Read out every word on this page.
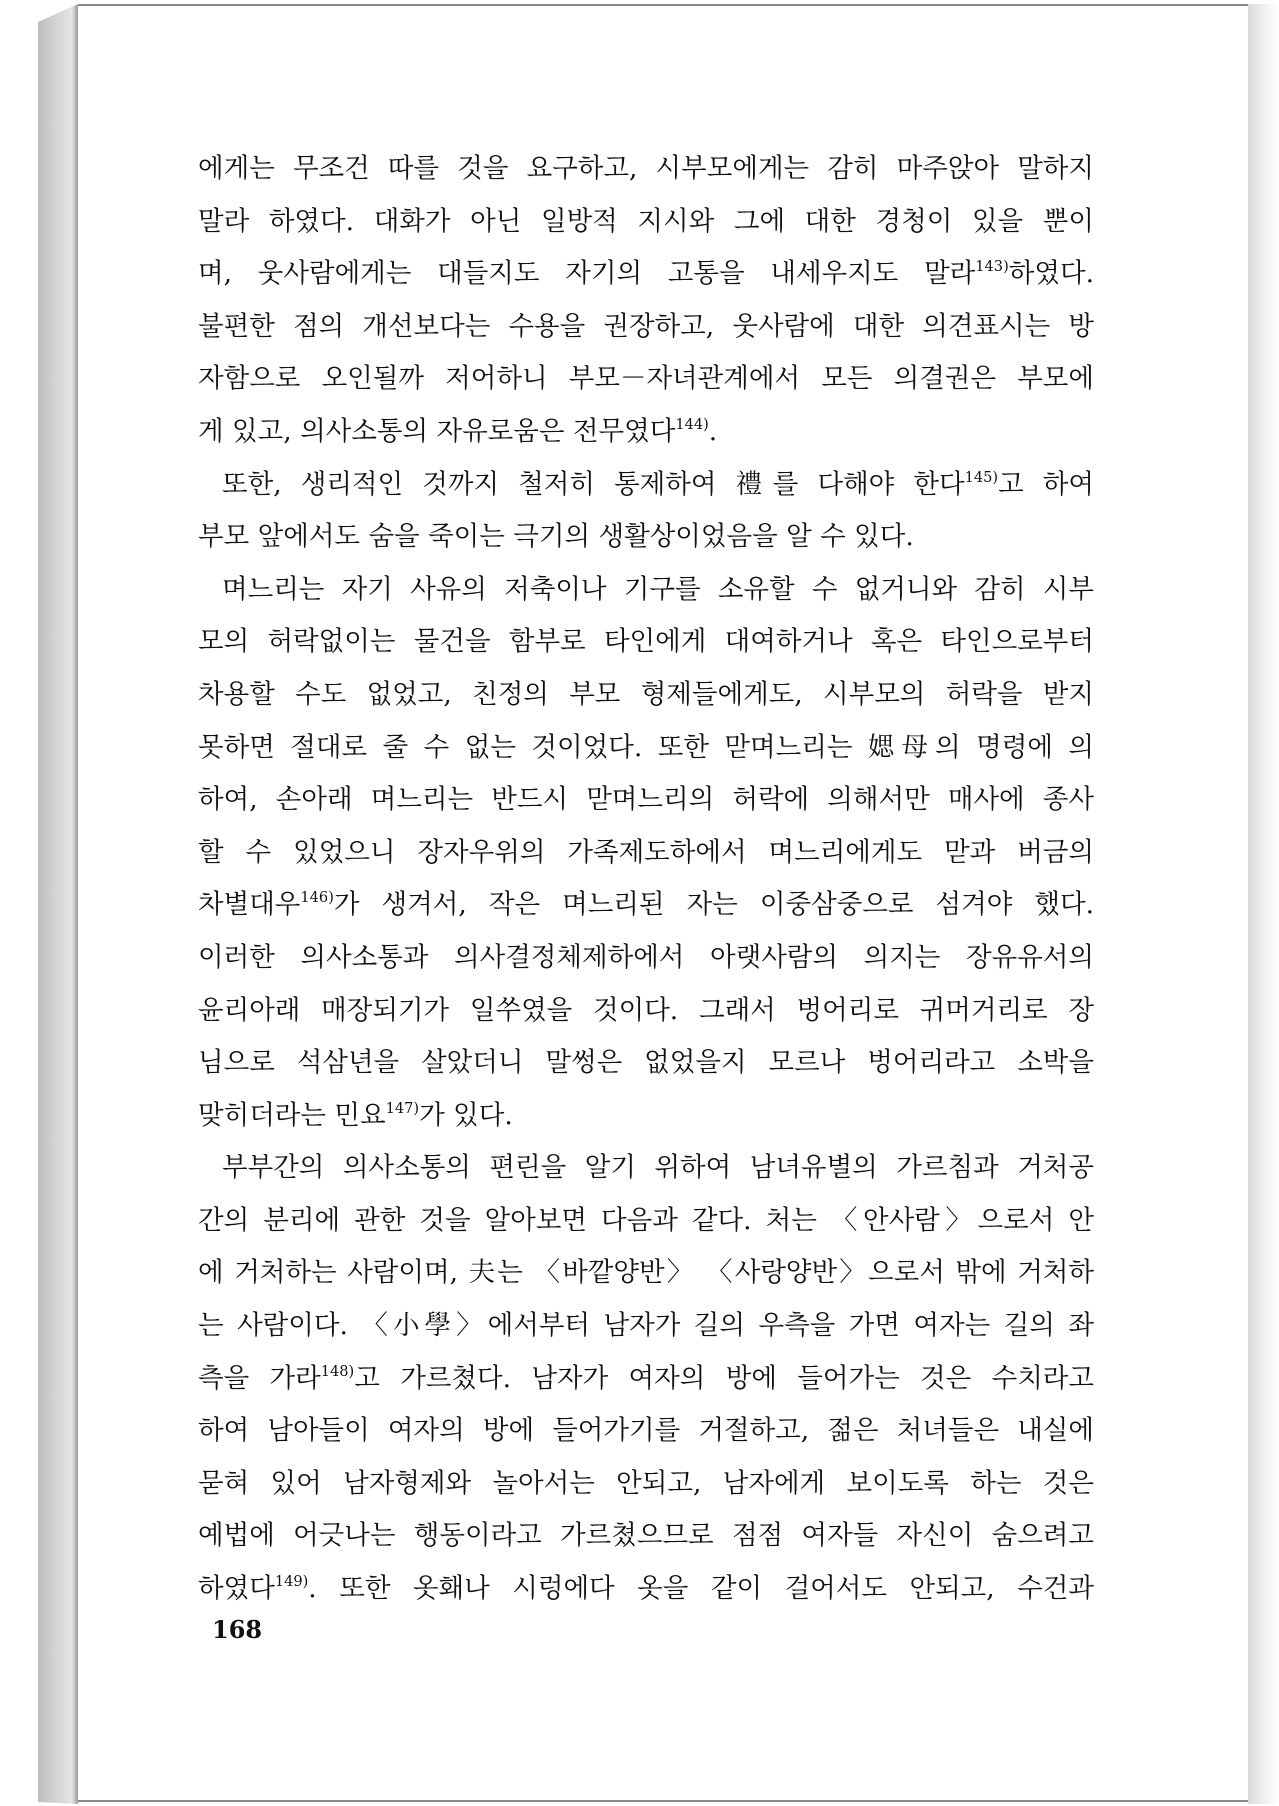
에게는 무조건 따를 것을 요구하고, 시부모에게는 감히 마주앉아 말하지
말라 하였다. 대화가 아닌 일방적 지시와 그에 대한 경청이 있을 뿐이
며, 웃사람에게는 대들지도 자기의 고통을 내세우지도 말라$^{143)}$하였다.
불편한 점의 개선보다는 수용을 권장하고, 웃사람에 대한 의견표시는 방
자함으로 오인될까 저어하니 부모－자녀관계에서 모든 의결권은 부모에
게 있고, 의사소통의 자유로움은 전무였다$^{144)}$.
또한, 생리적인 것까지 철저히 통제하여 禮를 다해야 한다$^{145)}$고 하여
부모 앞에서도 숨을 죽이는 극기의 생활상이었음을 알 수 있다.
며느리는 자기 사유의 저축이나 기구를 소유할 수 없거니와 감히 시부
모의 허락없이는 물건을 함부로 타인에게 대여하거나 혹은 타인으로부터
차용할 수도 없었고, 친정의 부모 형제들에게도, 시부모의 허락을 받지
못하면 절대로 줄 수 없는 것이었다. 또한 맏며느리는 媤母의 명령에 의
하여, 손아래 며느리는 반드시 맏며느리의 허락에 의해서만 매사에 종사
할 수 있었으니 장자우위의 가족제도하에서 며느리에게도 맏과 버금의
차별대우$^{146)}$가 생겨서, 작은 며느리된 자는 이중삼중으로 섬겨야 했다.
이러한 의사소통과 의사결정체제하에서 아랫사람의 의지는 장유유서의
윤리아래 매장되기가 일쑤였을 것이다. 그래서 벙어리로 귀머거리로 장
님으로 석삼년을 살았더니 말썽은 없었을지 모르나 벙어리라고 소박을
맞히더라는 민요$^{147)}$가 있다.
부부간의 의사소통의 편린을 알기 위하여 남녀유별의 가르침과 거처공
간의 분리에 관한 것을 알아보면 다음과 같다. 처는 〈안사람〉으로서 안
에 거처하는 사람이며, 夫는 〈바깥양반〉 〈사랑양반〉으로서 밖에 거처하
는 사람이다. 〈小學〉에서부터 남자가 길의 우측을 가면 여자는 길의 좌
측을 가라$^{148)}$고 가르쳤다. 남자가 여자의 방에 들어가는 것은 수치라고
하여 남아들이 여자의 방에 들어가기를 거절하고, 젊은 처녀들은 내실에
묻혀 있어 남자형제와 놀아서는 안되고, 남자에게 보이도록 하는 것은
예법에 어긋나는 행동이라고 가르쳤으므로 점점 여자들 자신이 숨으려고
하였다$^{149)}$. 또한 옷홰나 시렁에다 옷을 같이 걸어서도 안되고, 수건과
168
